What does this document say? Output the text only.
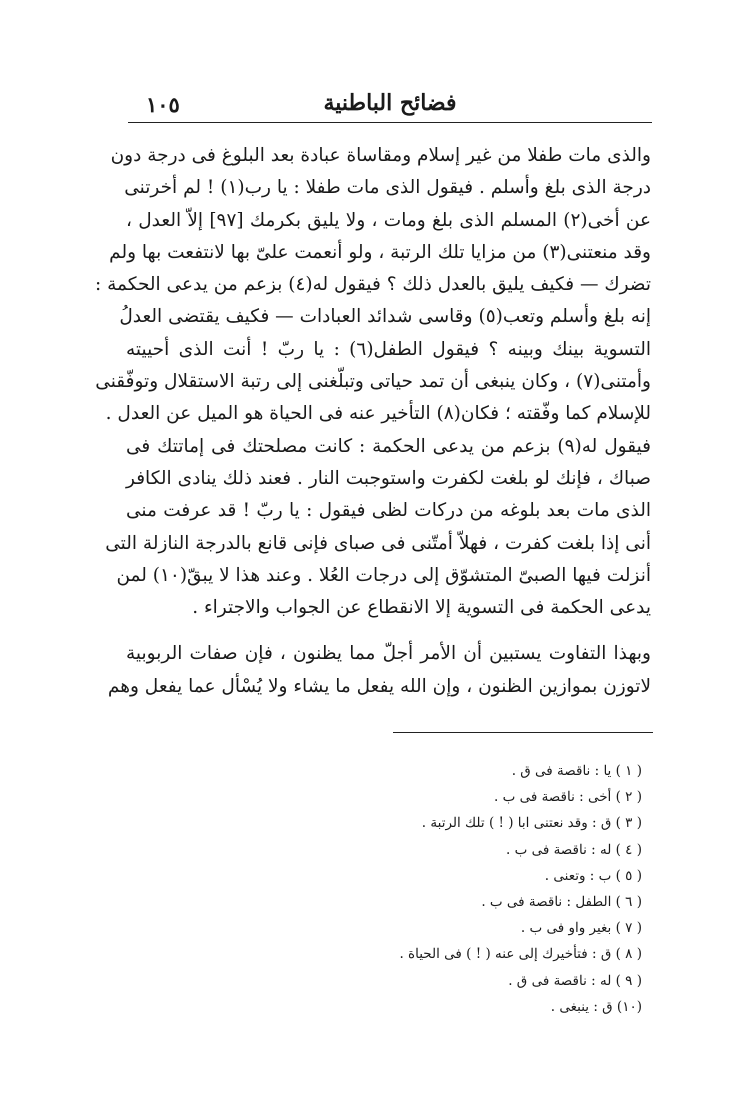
١٠٥	فضائح الباطنية
والذى مات طفلا من غير إسلام ومقاساة عبادة بعد البلوغ فى درجة دون
درجة الذى بلغ وأسلم . فيقول الذى مات طفلا : يا رب(١) ! لم أخرتنى
عن أخى(٢) المسلم الذى بلغ ومات ، ولا يليق بكرمك [٩٧] إلاّ العدل ،
وقد منعتنى(٣) من مزايا تلك الرتبة ، ولو أنعمت علىّ بها لانتفعت بها ولم
تضرك — فكيف يليق بالعدل ذلك ؟ فيقول له(٤) بزعم من يدعى الحكمة :
إنه بلغ وأسلم وتعب(٥) وقاسى شدائد العبادات — فكيف يقتضى العدلُ
التسوية بينك وبينه ؟ فيقول الطفل(٦) : يا ربّ ! أنت الذى أحييته
وأمتنى(٧) ، وكان ينبغى أن تمد حياتى وتبلّغنى إلى رتبة الاستقلال وتوفّقنى
للإسلام كما وفّقته ؛ فكان(٨) التأخير عنه فى الحياة هو الميل عن العدل .
فيقول له(٩) بزعم من يدعى الحكمة : كانت مصلحتك فى إماتتك فى
صباك ، فإنك لو بلغت لكفرت واستوجبت النار . فعند ذلك ينادى الكافر
الذى مات بعد بلوغه من دركات لظى فيقول : يا ربّ ! قد عرفت منى
أنى إذا بلغت كفرت ، فهلاّ أمتّنى فى صباى فإنى قانع بالدرجة النازلة التى
أنزلت فيها الصبىّ المتشوّق إلى درجات العُلا . وعند هذا لا يبقّ(١٠) لمن
يدعى الحكمة فى التسوية إلا الانقطاع عن الجواب والاجتراء .
وبهذا التفاوت يستبين أن الأمر أجلّ مما يظنون ، فإن صفات الربوبية
لاتوزن بموازين الظنون ، وإن الله يفعل ما يشاء ولا يُسْأل عما يفعل وهم
( ١ ) يا : ناقصة فى ق .
( ٢ ) أخى : ناقصة فى ب .
( ٣ ) ق : وقد نعتنى ابا ( ! ) تلك الرتبة .
( ٤ ) له : ناقصة فى ب .
( ٥ ) ب : وتعنى .
( ٦ ) الطفل : ناقصة فى ب .
( ٧ ) بغير واو فى ب .
( ٨ ) ق : فتأخيرك إلى عنه ( ! ) فى الحياة .
( ٩ ) له : ناقصة فى ق .
(١٠) ق : ينبغى .
